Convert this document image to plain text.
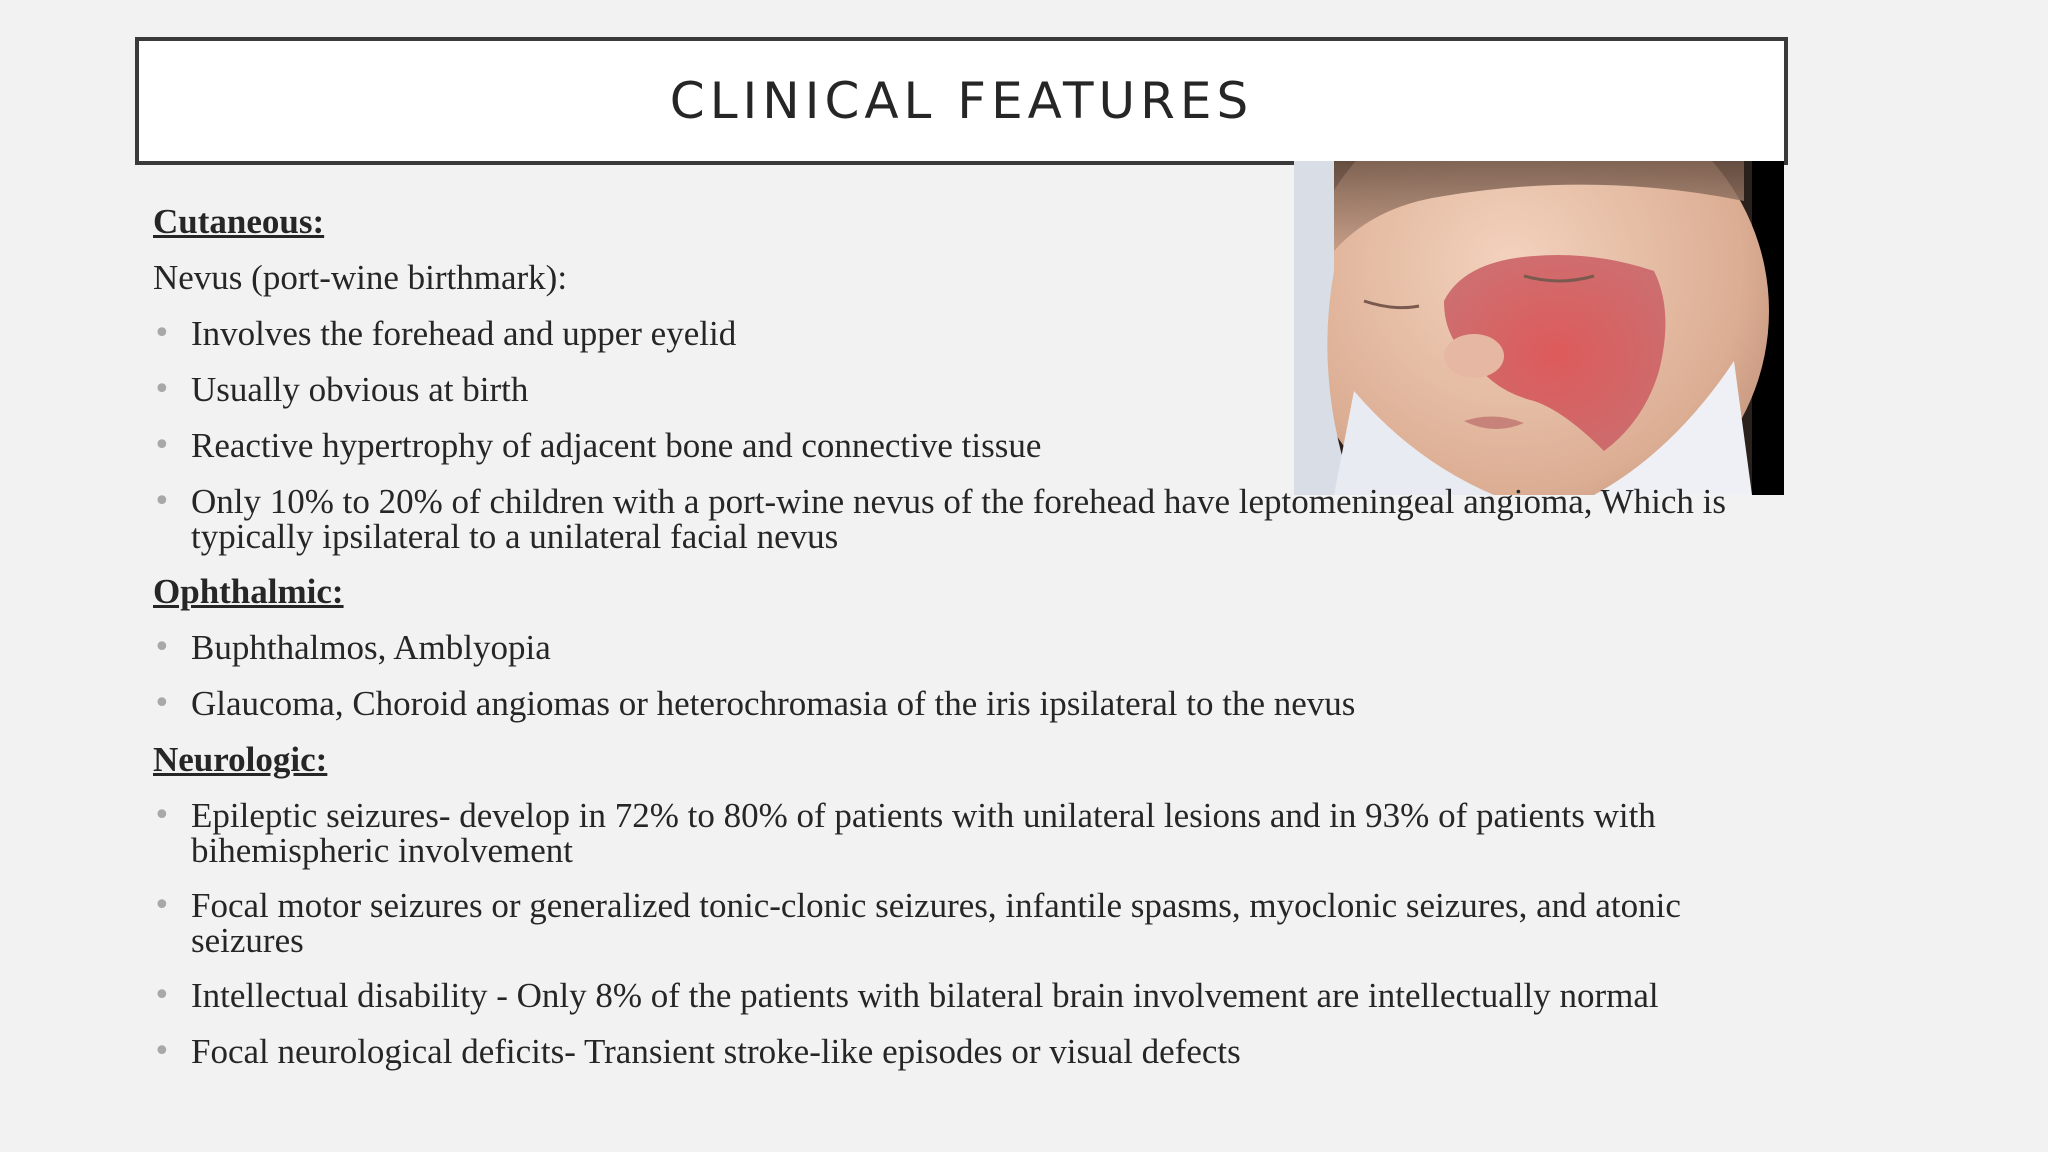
CLINICAL FEATURES
Cutaneous:
Nevus (port-wine birthmark):
• Involves the forehead and upper eyelid
• Usually obvious at birth
• Reactive hypertrophy of adjacent bone and connective tissue
• Only 10% to 20% of children with a port-wine nevus of the forehead have leptomeningeal angioma, Which is typically ipsilateral to a unilateral facial nevus
Ophthalmic:
• Buphthalmos, Amblyopia
• Glaucoma, Choroid angiomas or heterochromasia of the iris ipsilateral to the nevus
Neurologic:
• Epileptic seizures- develop in 72% to 80% of patients with unilateral lesions and in 93% of patients with bihemispheric involvement
• Focal motor seizures or generalized tonic-clonic seizures, infantile spasms, myoclonic seizures, and atonic seizures
• Intellectual disability - Only 8% of the patients with bilateral brain involvement are intellectually normal
• Focal neurological deficits- Transient stroke-like episodes or visual defects
